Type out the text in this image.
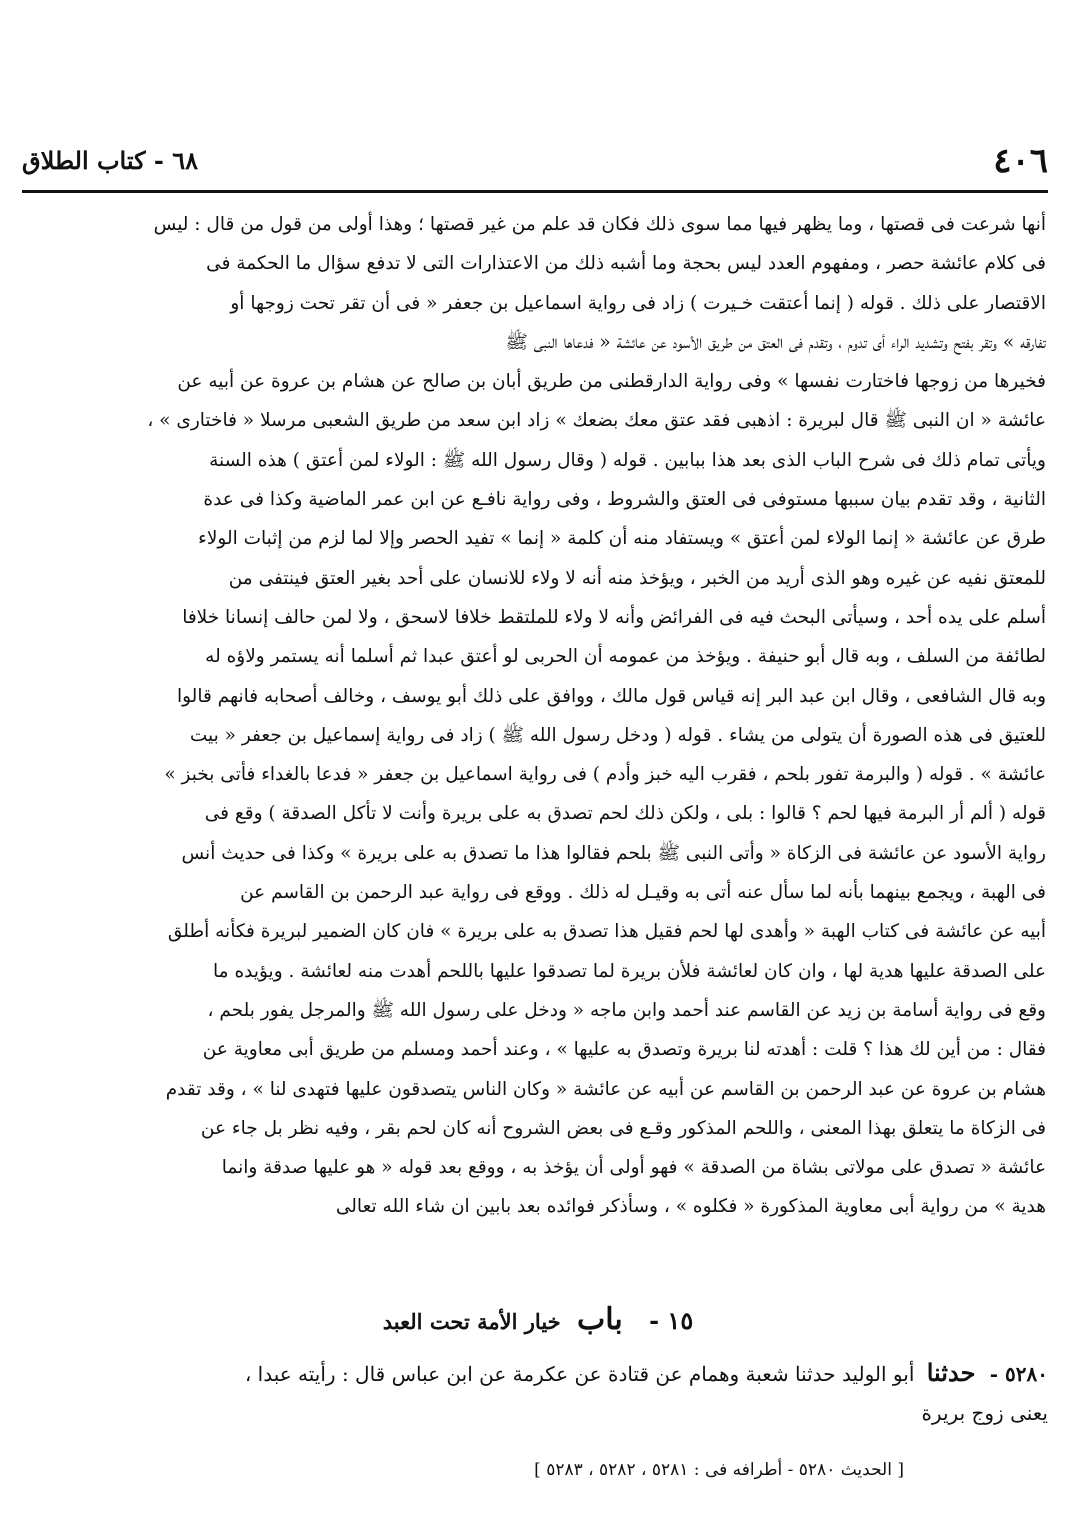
٤٠٦
٦٨ - كتاب الطلاق
أنها شرعت فى قصتها ، وما يظهر فيها مما سوى ذلك فكان قد علم من غير قصتها ؛ وهذا أولى من قول من قال : ليس
فى كلام عائشة حصر ، ومفهوم العدد ليس بحجة وما أشبه ذلك من الاعتذارات التى لا تدفع سؤال ما الحكمة فى
الاقتصار على ذلك . قوله ( إنما أعتقت خـيرت ) زاد فى رواية اسماعيل بن جعفر « فى أن تقر تحت زوجها أو
تفارقه » وتقر بفتح وتشديد الراء أى تدوم ، وتقدم فى العتق من طريق الأسود عن عائشة « فدعاها النبى ﷺ
فخيرها من زوجها فاختارت نفسها » وفى رواية الدارقطنى من طريق أبان بن صالح عن هشام بن عروة عن أبيه عن
عائشة « ان النبى ﷺ قال لبريرة : اذهبى فقد عتق معك بضعك » زاد ابن سعد من طريق الشعبى مرسلا « فاختارى » ،
ويأتى تمام ذلك فى شرح الباب الذى بعد هذا ببابين . قوله ( وقال رسول الله ﷺ : الولاء لمن أعتق ) هذه السنة
الثانية ، وقد تقدم بيان سببها مستوفى فى العتق والشروط ، وفى رواية نافـع عن ابن عمر الماضية وكذا فى عدة
طرق عن عائشة « إنما الولاء لمن أعتق » ويستفاد منه أن كلمة « إنما » تفيد الحصر وإلا لما لزم من إثبات الولاء
للمعتق نفيه عن غيره وهو الذى أريد من الخبر ، ويؤخذ منه أنه لا ولاء للانسان على أحد بغير العتق فينتفى من
أسلم على يده أحد ، وسيأتى البحث فيه فى الفرائض وأنه لا ولاء للملتقط خلافا لاسحق ، ولا لمن حالف إنسانا خلافا
لطائفة من السلف ، وبه قال أبو حنيفة . ويؤخذ من عمومه أن الحربى لو أعتق عبدا ثم أسلما أنه يستمر ولاؤه له
وبه قال الشافعى ، وقال ابن عبد البر إنه قياس قول مالك ، ووافق على ذلك أبو يوسف ، وخالف أصحابه فانهم قالوا
للعتيق فى هذه الصورة أن يتولى من يشاء . قوله ( ودخل رسول الله ﷺ ) زاد فى رواية إسماعيل بن جعفر « بيت
عائشة » . قوله ( والبرمة تفور بلحم ، فقرب اليه خبز وأدم ) فى رواية اسماعيل بن جعفر « فدعا بالغداء فأتى بخبز »
قوله ( ألم أر البرمة فيها لحم ؟ قالوا : بلى ، ولكن ذلك لحم تصدق به على بريرة وأنت لا تأكل الصدقة ) وقع فى
رواية الأسود عن عائشة فى الزكاة « وأتى النبى ﷺ بلحم فقالوا هذا ما تصدق به على بريرة » وكذا فى حديث أنس
فى الهبة ، ويجمع بينهما بأنه لما سأل عنه أتى به وقيـل له ذلك . ووقع فى رواية عبد الرحمن بن القاسم عن
أبيه عن عائشة فى كتاب الهبة « وأهدى لها لحم فقيل هذا تصدق به على بريرة » فان كان الضمير لبريرة فكأنه أطلق
على الصدقة عليها هدية لها ، وان كان لعائشة فلأن بريرة لما تصدقوا عليها باللحم أهدت منه لعائشة . ويؤيده ما
وقع فى رواية أسامة بن زيد عن القاسم عند أحمد وابن ماجه « ودخل على رسول الله ﷺ والمرجل يفور بلحم ،
فقال : من أين لك هذا ؟ قلت : أهدته لنا بريرة وتصدق به عليها » ، وعند أحمد ومسلم من طريق أبى معاوية عن
هشام بن عروة عن عبد الرحمن بن القاسم عن أبيه عن عائشة « وكان الناس يتصدقون عليها فتهدى لنا » ، وقد تقدم
فى الزكاة ما يتعلق بهذا المعنى ، واللحم المذكور وقـع فى بعض الشروح أنه كان لحم بقر ، وفيه نظر بل جاء عن
عائشة « تصدق على مولاتى بشاة من الصدقة » فهو أولى أن يؤخذ به ، ووقع بعد قوله « هو عليها صدقة وانما
هدية » من رواية أبى معاوية المذكورة « فكلوه » ، وسأذكر فوائده بعد بابين ان شاء الله تعالى
١٥ - باب خيار الأمة تحت العبد
٥٢٨٠ - حدثنا أبو الوليد حدثنا شعبة وهمام عن قتادة عن عكرمة عن ابن عباس قال : رأيته عبدا ،
يعنى زوج بريرة
[ الحديث ٥٢٨٠ - أطرافه فى : ٥٢٨١ ، ٥٢٨٢ ، ٥٢٨٣ ]
